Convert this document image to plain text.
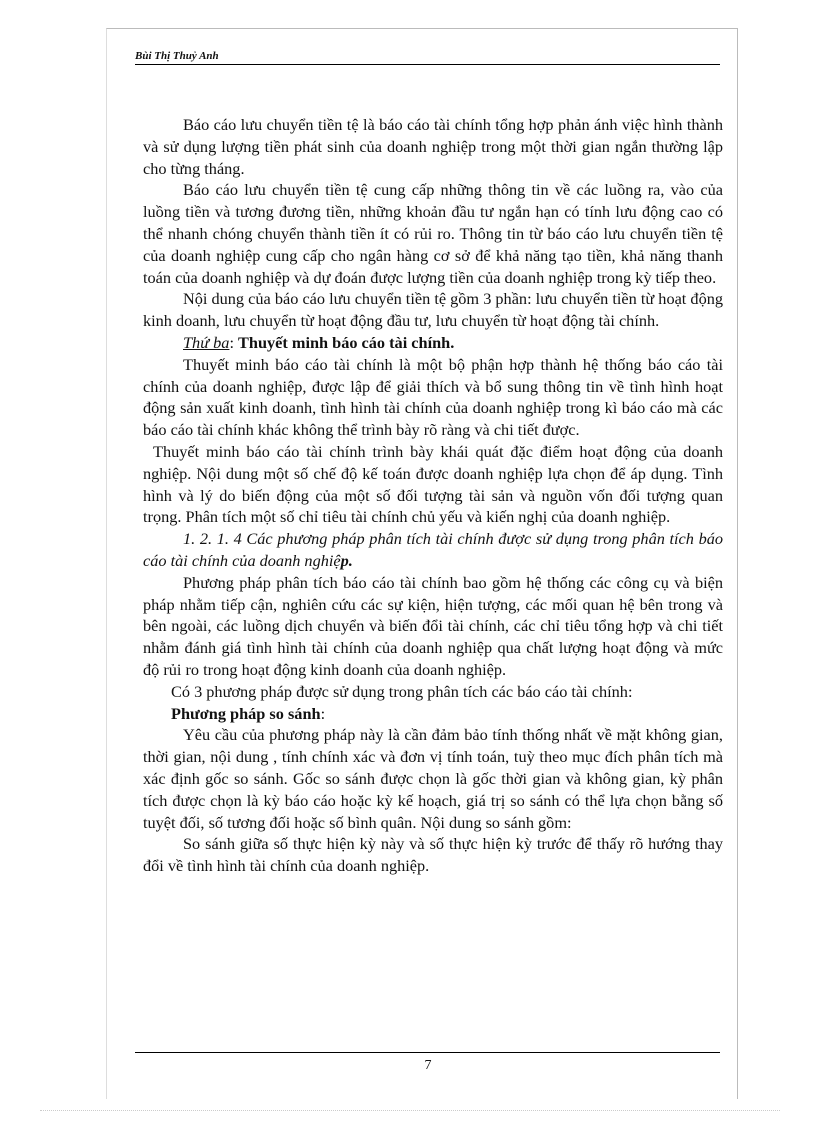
Bùi Thị Thuỷ Anh

Báo cáo lưu chuyển tiền tệ là báo cáo tài chính tổng hợp phản ánh việc hình thành và sử dụng lượng tiền phát sinh của doanh nghiệp trong một thời gian ngắn thường lập cho từng tháng.

Báo cáo lưu chuyển tiền tệ cung cấp những thông tin về các luồng ra, vào của luồng tiền và tương đương tiền, những khoản đầu tư ngắn hạn có tính lưu động cao có thể nhanh chóng chuyển thành tiền ít có rủi ro. Thông tin từ báo cáo lưu chuyển tiền tệ của doanh nghiệp cung cấp cho ngân hàng cơ sở để khả năng tạo tiền, khả năng thanh toán của doanh nghiệp và dự đoán được lượng tiền của doanh nghiệp trong kỳ tiếp theo.

Nội dung của báo cáo lưu chuyển tiền tệ gồm 3 phần: lưu chuyển tiền từ hoạt động kinh doanh, lưu chuyển từ hoạt động đầu tư, lưu chuyển từ hoạt động tài chính.

Thứ ba: Thuyết minh báo cáo tài chính.

Thuyết minh báo cáo tài chính là một bộ phận hợp thành hệ thống báo cáo tài chính của doanh nghiệp, được lập để giải thích và bổ sung thông tin về tình hình hoạt động sản xuất kinh doanh, tình hình tài chính của doanh nghiệp trong kì báo cáo mà các báo cáo tài chính khác không thể trình bày rõ ràng và chi tiết được.

Thuyết minh báo cáo tài chính trình bày khái quát đặc điểm hoạt động của doanh nghiệp. Nội dung một số chế độ kế toán được doanh nghiệp lựa chọn để áp dụng. Tình hình và lý do biến động của một số đối tượng tài sản và nguồn vốn đối tượng quan trọng. Phân tích một số chỉ tiêu tài chính chủ yếu và kiến nghị của doanh nghiệp.

1. 2. 1. 4 Các phương pháp phân tích tài chính được sử dụng trong phân tích báo cáo tài chính của doanh nghiệp.

Phương pháp phân tích báo cáo tài chính bao gồm hệ thống các công cụ và biện pháp nhằm tiếp cận, nghiên cứu các sự kiện, hiện tượng, các mối quan hệ bên trong và bên ngoài, các luồng dịch chuyển và biến đổi tài chính, các chỉ tiêu tổng hợp và chi tiết nhằm đánh giá tình hình tài chính của doanh nghiệp qua chất lượng hoạt động và mức độ rủi ro trong hoạt động kinh doanh của doanh nghiệp.

Có 3 phương pháp được sử dụng trong phân tích các báo cáo tài chính:

Phương pháp so sánh:

Yêu cầu của phương pháp này là cần đảm bảo tính thống nhất về mặt không gian, thời gian, nội dung , tính chính xác và đơn vị tính toán, tuỳ theo mục đích phân tích mà xác định gốc so sánh. Gốc so sánh được chọn là gốc thời gian và không gian, kỳ phân tích được chọn là kỳ báo cáo hoặc kỳ kế hoạch, giá trị so sánh có thể lựa chọn bằng số tuyệt đối, số tương đối hoặc số bình quân. Nội dung so sánh gồm:

So sánh giữa số thực hiện kỳ này và số thực hiện kỳ trước để thấy rõ hướng thay đổi về tình hình tài chính của doanh nghiệp.

7
